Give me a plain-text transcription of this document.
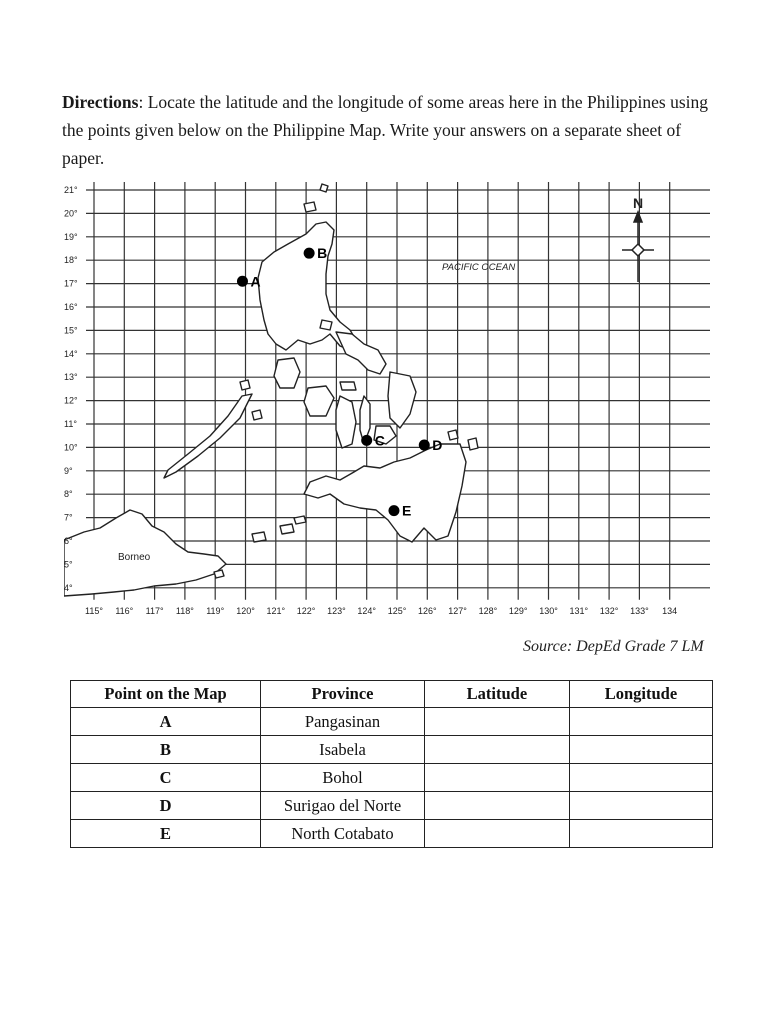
Directions: Locate the latitude and the longitude of some areas here in the Philippines using the points given below on the Philippine Map. Write your answers on a separate sheet of paper.

21°
20°
19°
18°
17°
16°
15°
14°
13°
12°
11°
10°
9°
8°
7°
6°
5°
4°
115° 116° 117° 118° 119° 120° 121° 122° 123° 124° 125° 126° 127° 128° 129° 130° 131° 132° 133° 134
PACIFIC OCEAN
Borneo
N
A
B
C	D
E
Source: DepEd Grade 7 LM
Point on the Map	Province	Latitude	Longitude
A	Pangasinan		
B	Isabela		
C	Bohol		
D	Surigao del Norte		
E	North Cotabato		
